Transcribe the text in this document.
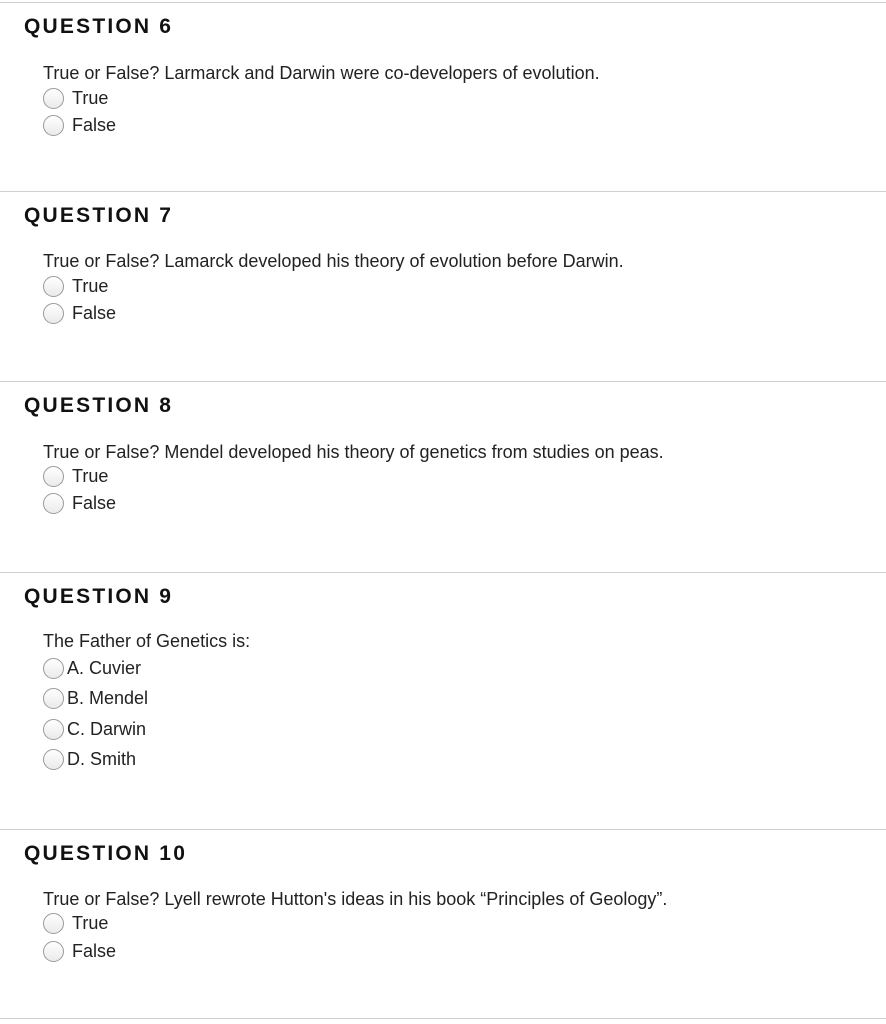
QUESTION 6
True or False? Larmarck and Darwin were co-developers of evolution.
True
False
QUESTION 7
True or False? Lamarck developed his theory of evolution before Darwin.
True
False
QUESTION 8
True or False? Mendel developed his theory of genetics from studies on peas.
True
False
QUESTION 9
The Father of Genetics is:
A. Cuvier
B. Mendel
C. Darwin
D. Smith
QUESTION 10
True or False? Lyell rewrote Hutton's ideas in his book “Principles of Geology”.
True
False
